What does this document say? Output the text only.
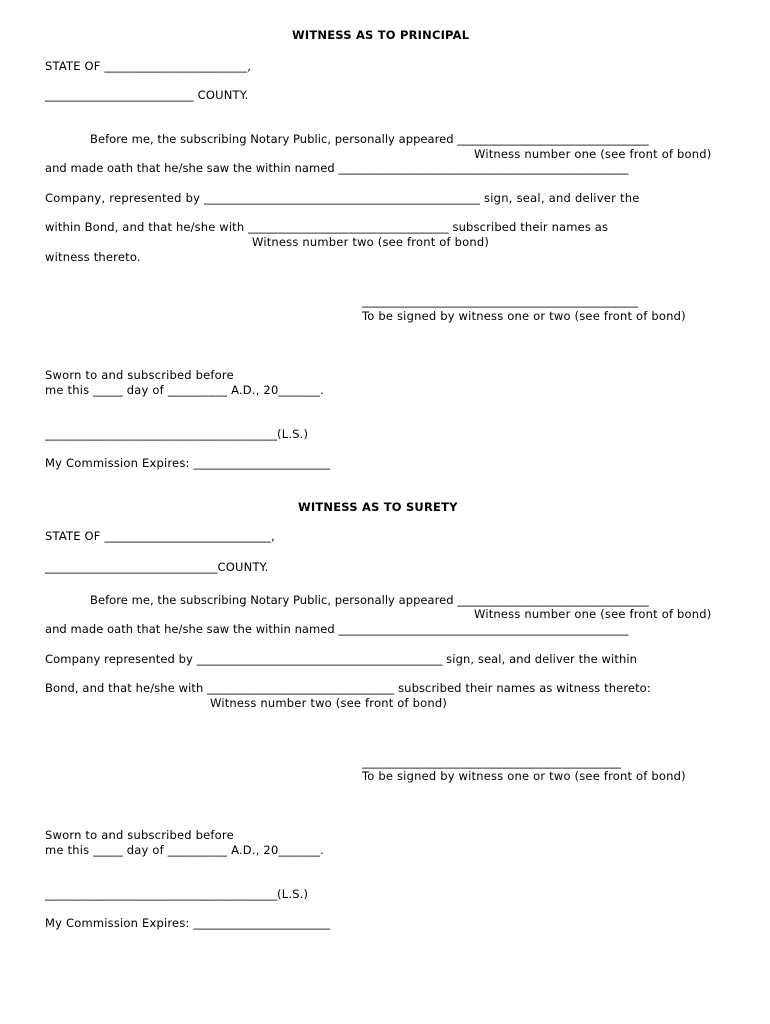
WITNESS AS TO PRINCIPAL
STATE OF ________________________,
_________________________ COUNTY.
Before me, the subscribing Notary Public, personally appeared _________________________________
Witness number one (see front of bond)
and made oath that he/she saw the within named __________________________________________________
Company, represented by ______________________________________________ sign, seal, and deliver the
within Bond, and that he/she with __________________________________ subscribed their names as
Witness number two (see front of bond)
witness thereto.
________________________________________________
To be signed by witness one or two (see front of bond)
Sworn to and subscribed before
me this _____ day of __________ A.D., 20_______.
_______________________________________(L.S.)
My Commission Expires: _______________________
WITNESS AS TO SURETY
STATE OF ____________________________,
_____________________________COUNTY.
Before me, the subscribing Notary Public, personally appeared _________________________________
Witness number one (see front of bond)
and made oath that he/she saw the within named __________________________________________________
Company represented by __________________________________________ sign, seal, and deliver the within
Bond, and that he/she with ________________________________ subscribed their names as witness thereto:
Witness number two (see front of bond)
_____________________________________________
To be signed by witness one or two (see front of bond)
Sworn to and subscribed before
me this _____ day of __________ A.D., 20_______.
_______________________________________(L.S.)
My Commission Expires: _______________________
